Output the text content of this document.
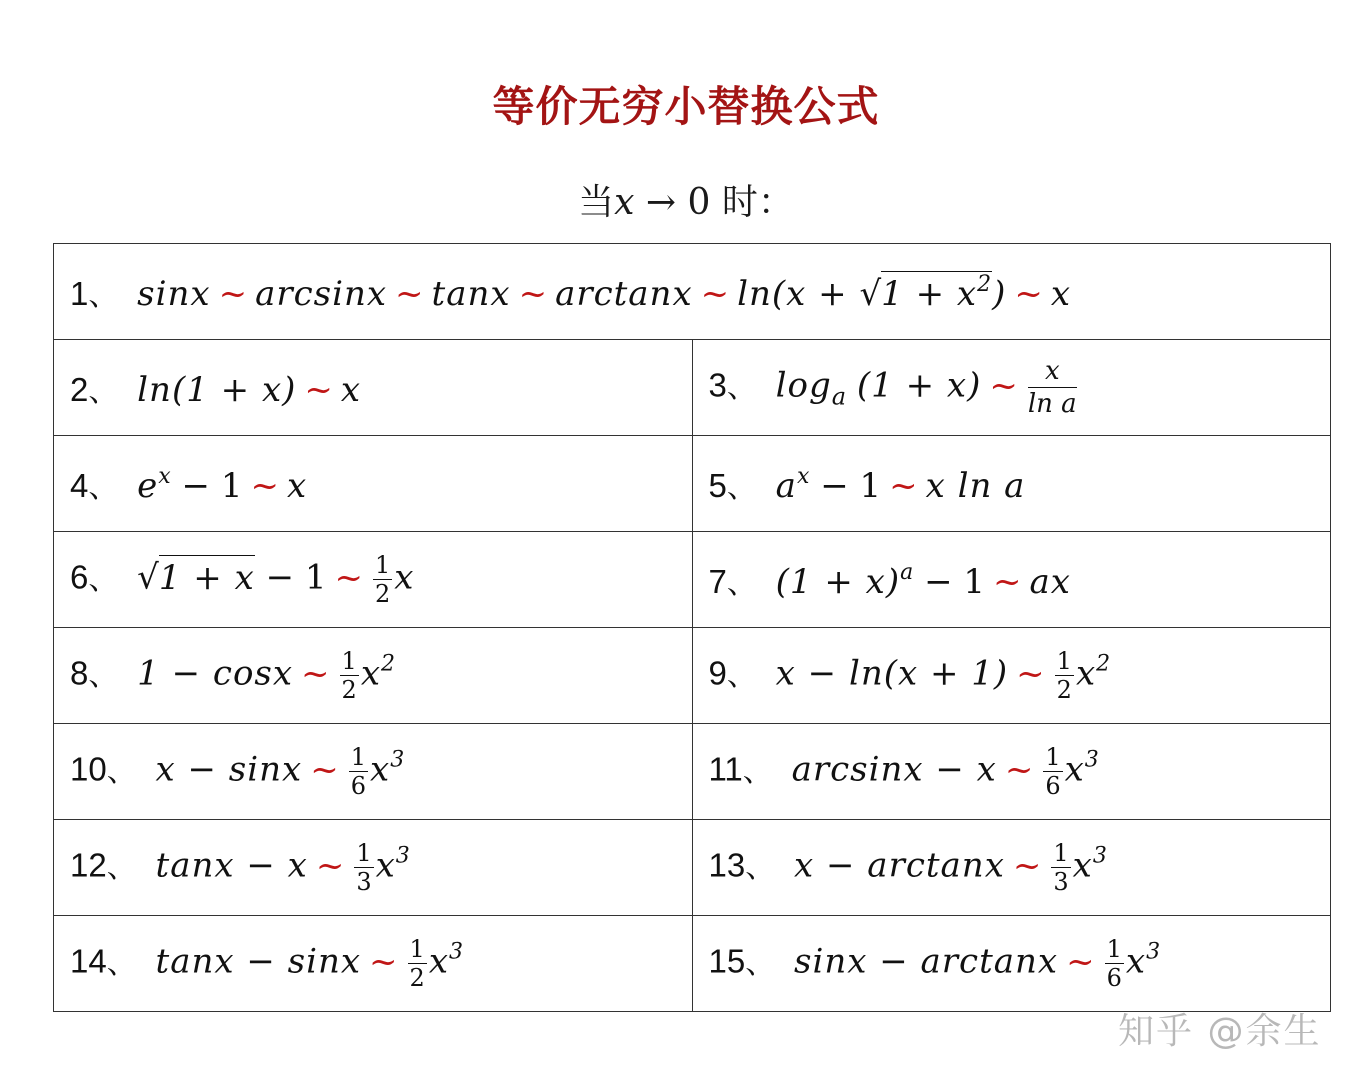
等价无穷小替换公式
当x → 0 时：
1、 sinx ~ arcsinx ~ tanx ~ arctanx ~ $\ln(x + √1 + x^2)$ ~ x	
2、 ln(1 + x) ~ x	3、 $\log_a (1 + x)$ ~ $\frac{x}{\text{ln a}}$

4、 $e^x - 1$ ~ x	5、 $a^x - 1$ ~ x ln a
6、 √1 + x − 1 ~ $\frac{1}{2}$ x	7、 $(1 + x)^a - 1$ ~ ax
8、 1 − cosx ~ $\frac{1}{2} x^2$	9、 x − ln(x + 1) ~ $\frac{1}{2} x^2$
10、 x − sinx ~ $\frac{1}{6} x^3$	11、 arcsinx − x ~ $\frac{1}{6} x^3$
12、 tanx − x ~ $\frac{1}{3} x^3$	13、 x − arctanx ~ $\frac{1}{3} x^3$
14、 tanx − sinx ~ $\frac{1}{2} x^3$	15、 sinx − arctanx ~ $\frac{1}{6} x^3$
知乎 @余生
